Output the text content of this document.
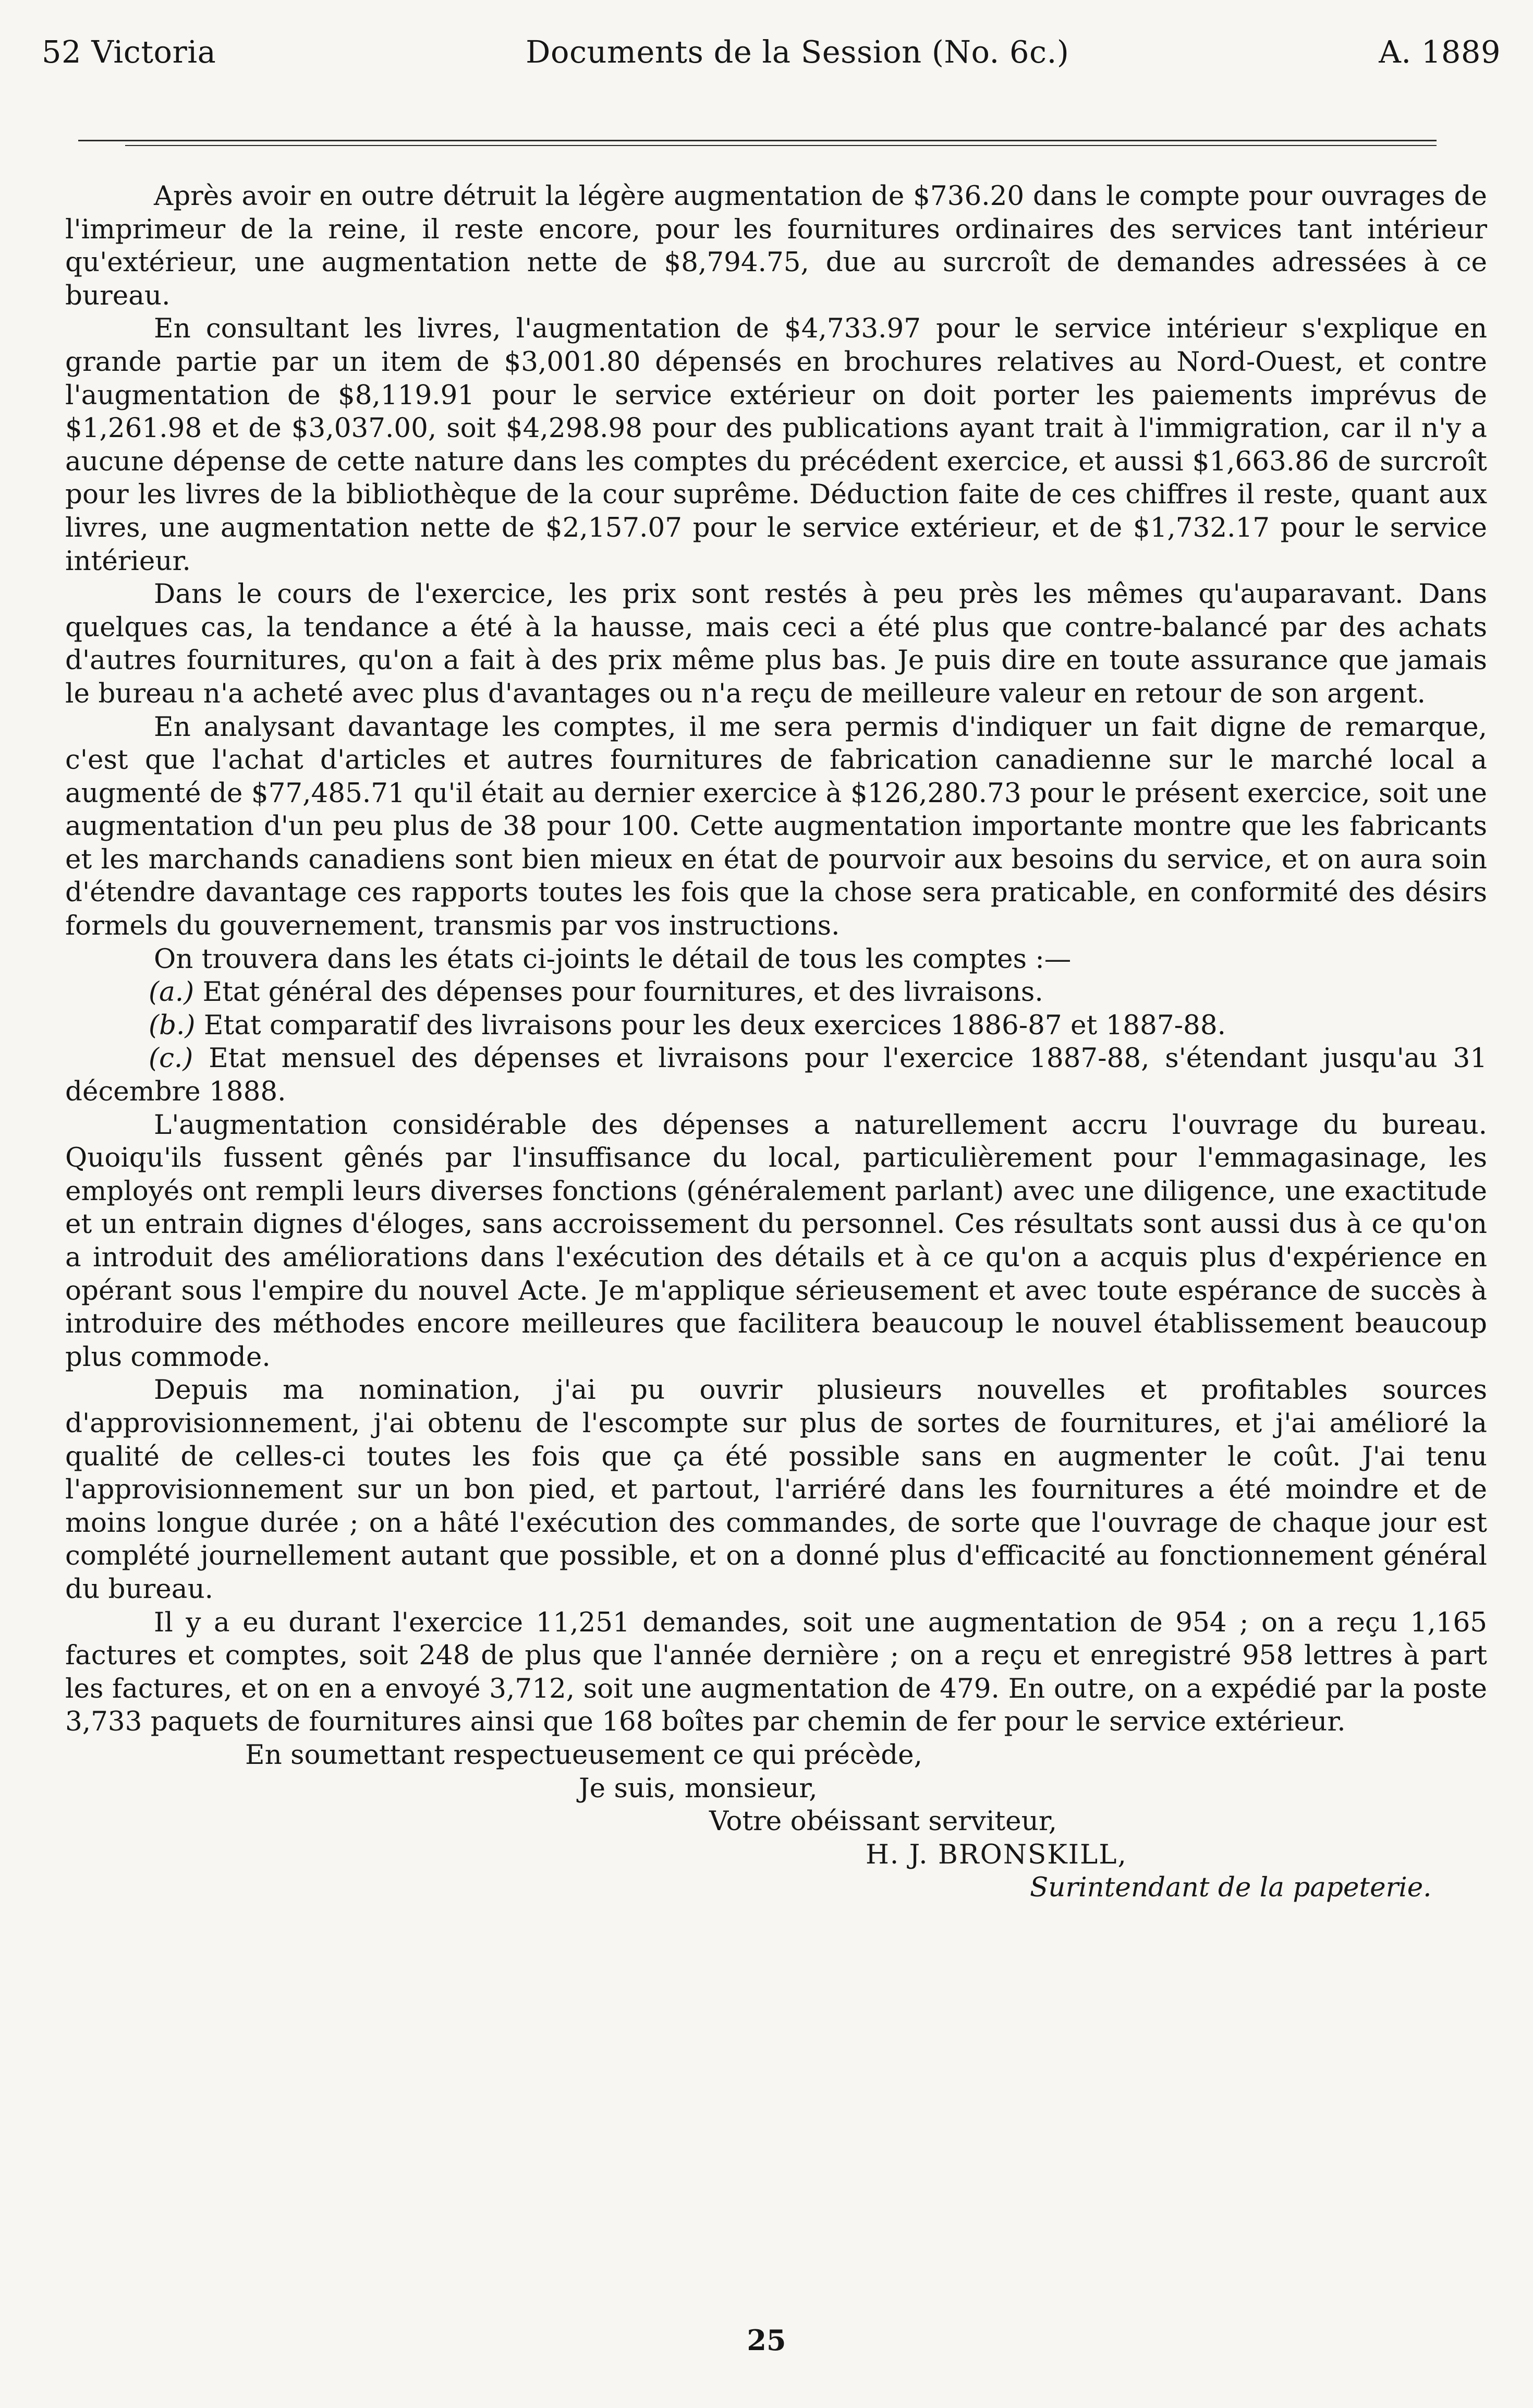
52 Victoria	Documents de la Session (No. 6c.)	A. 1889

Après avoir en outre détruit la légère augmentation de $736.20 dans le compte pour ouvrages de l'imprimeur de la reine, il reste encore, pour les fournitures ordinaires des services tant intérieur qu'extérieur, une augmentation nette de $8,794.75, due au surcroît de demandes adressées à ce bureau.

En consultant les livres, l'augmentation de $4,733.97 pour le service intérieur s'explique en grande partie par un item de $3,001.80 dépensés en brochures relatives au Nord-Ouest, et contre l'augmentation de $8,119.91 pour le service extérieur on doit porter les paiements imprévus de $1,261.98 et de $3,037.00, soit $4,298.98 pour des publications ayant trait à l'immigration, car il n'y a aucune dépense de cette nature dans les comptes du précédent exercice, et aussi $1,663.86 de surcroît pour les livres de la bibliothèque de la cour suprême. Déduction faite de ces chiffres il reste, quant aux livres, une augmentation nette de $2,157.07 pour le service extérieur, et de $1,732.17 pour le service intérieur.

Dans le cours de l'exercice, les prix sont restés à peu près les mêmes qu'auparavant. Dans quelques cas, la tendance a été à la hausse, mais ceci a été plus que contre-balancé par des achats d'autres fournitures, qu'on a fait à des prix même plus bas. Je puis dire en toute assurance que jamais le bureau n'a acheté avec plus d'avantages ou n'a reçu de meilleure valeur en retour de son argent.

En analysant davantage les comptes, il me sera permis d'indiquer un fait digne de remarque, c'est que l'achat d'articles et autres fournitures de fabrication canadienne sur le marché local a augmenté de $77,485.71 qu'il était au dernier exercice à $126,280.73 pour le présent exercice, soit une augmentation d'un peu plus de 38 pour 100. Cette augmentation importante montre que les fabricants et les marchands canadiens sont bien mieux en état de pourvoir aux besoins du service, et on aura soin d'étendre davantage ces rapports toutes les fois que la chose sera praticable, en conformité des désirs formels du gouvernement, transmis par vos instructions.

On trouvera dans les états ci-joints le détail de tous les comptes :—

(a.) Etat général des dépenses pour fournitures, et des livraisons.

(b.) Etat comparatif des livraisons pour les deux exercices 1886-87 et 1887-88.

(c.) Etat mensuel des dépenses et livraisons pour l'exercice 1887-88, s'étendant jusqu'au 31 décembre 1888.

L'augmentation considérable des dépenses a naturellement accru l'ouvrage du bureau. Quoiqu'ils fussent gênés par l'insuffisance du local, particulièrement pour l'emmagasinage, les employés ont rempli leurs diverses fonctions (généralement parlant) avec une diligence, une exactitude et un entrain dignes d'éloges, sans accroissement du personnel. Ces résultats sont aussi dus à ce qu'on a introduit des améliorations dans l'exécution des détails et à ce qu'on a acquis plus d'expérience en opérant sous l'empire du nouvel Acte. Je m'applique sérieusement et avec toute espérance de succès à introduire des méthodes encore meilleures que facilitera beaucoup le nouvel établissement beaucoup plus commode.

Depuis ma nomination, j'ai pu ouvrir plusieurs nouvelles et profitables sources d'approvisionnement, j'ai obtenu de l'escompte sur plus de sortes de fournitures, et j'ai amélioré la qualité de celles-ci toutes les fois que ça été possible sans en augmenter le coût. J'ai tenu l'approvisionnement sur un bon pied, et partout, l'arriéré dans les fournitures a été moindre et de moins longue durée ; on a hâté l'exécution des commandes, de sorte que l'ouvrage de chaque jour est complété journellement autant que possible, et on a donné plus d'efficacité au fonctionnement général du bureau.

Il y a eu durant l'exercice 11,251 demandes, soit une augmentation de 954 ; on a reçu 1,165 factures et comptes, soit 248 de plus que l'année dernière ; on a reçu et enregistré 958 lettres à part les factures, et on en a envoyé 3,712, soit une augmentation de 479. En outre, on a expédié par la poste 3,733 paquets de fournitures ainsi que 168 boîtes par chemin de fer pour le service extérieur.

En soumettant respectueusement ce qui précède,

Je suis, monsieur,

Votre obéissant serviteur,

H. J. BRONSKILL,

Surintendant de la papeterie.

25
